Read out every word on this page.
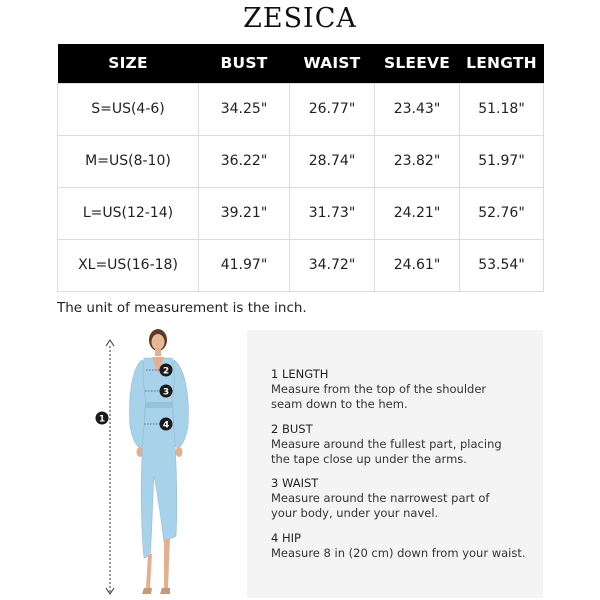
ZESICA
SIZE	BUST	WAIST	SLEEVE	LENGTH
S=US(4-6)	34.25"	26.77"	23.43"	51.18"
M=US(8-10)	36.22"	28.74"	23.82"	51.97"
L=US(12-14)	39.21"	31.73"	24.21"	52.76"
XL=US(16-18)	41.97"	34.72"	24.61"	53.54"
The unit of measurement is the inch.
1
2
3
4
1 LENGTH
Measure from the top of the shoulder
seam down to the hem.
2 BUST
Measure around the fullest part, placing
the tape close up under the arms.
3 WAIST
Measure around the narrowest part of
your body, under your navel.
4 HIP
Measure 8 in (20 cm) down from your waist.
